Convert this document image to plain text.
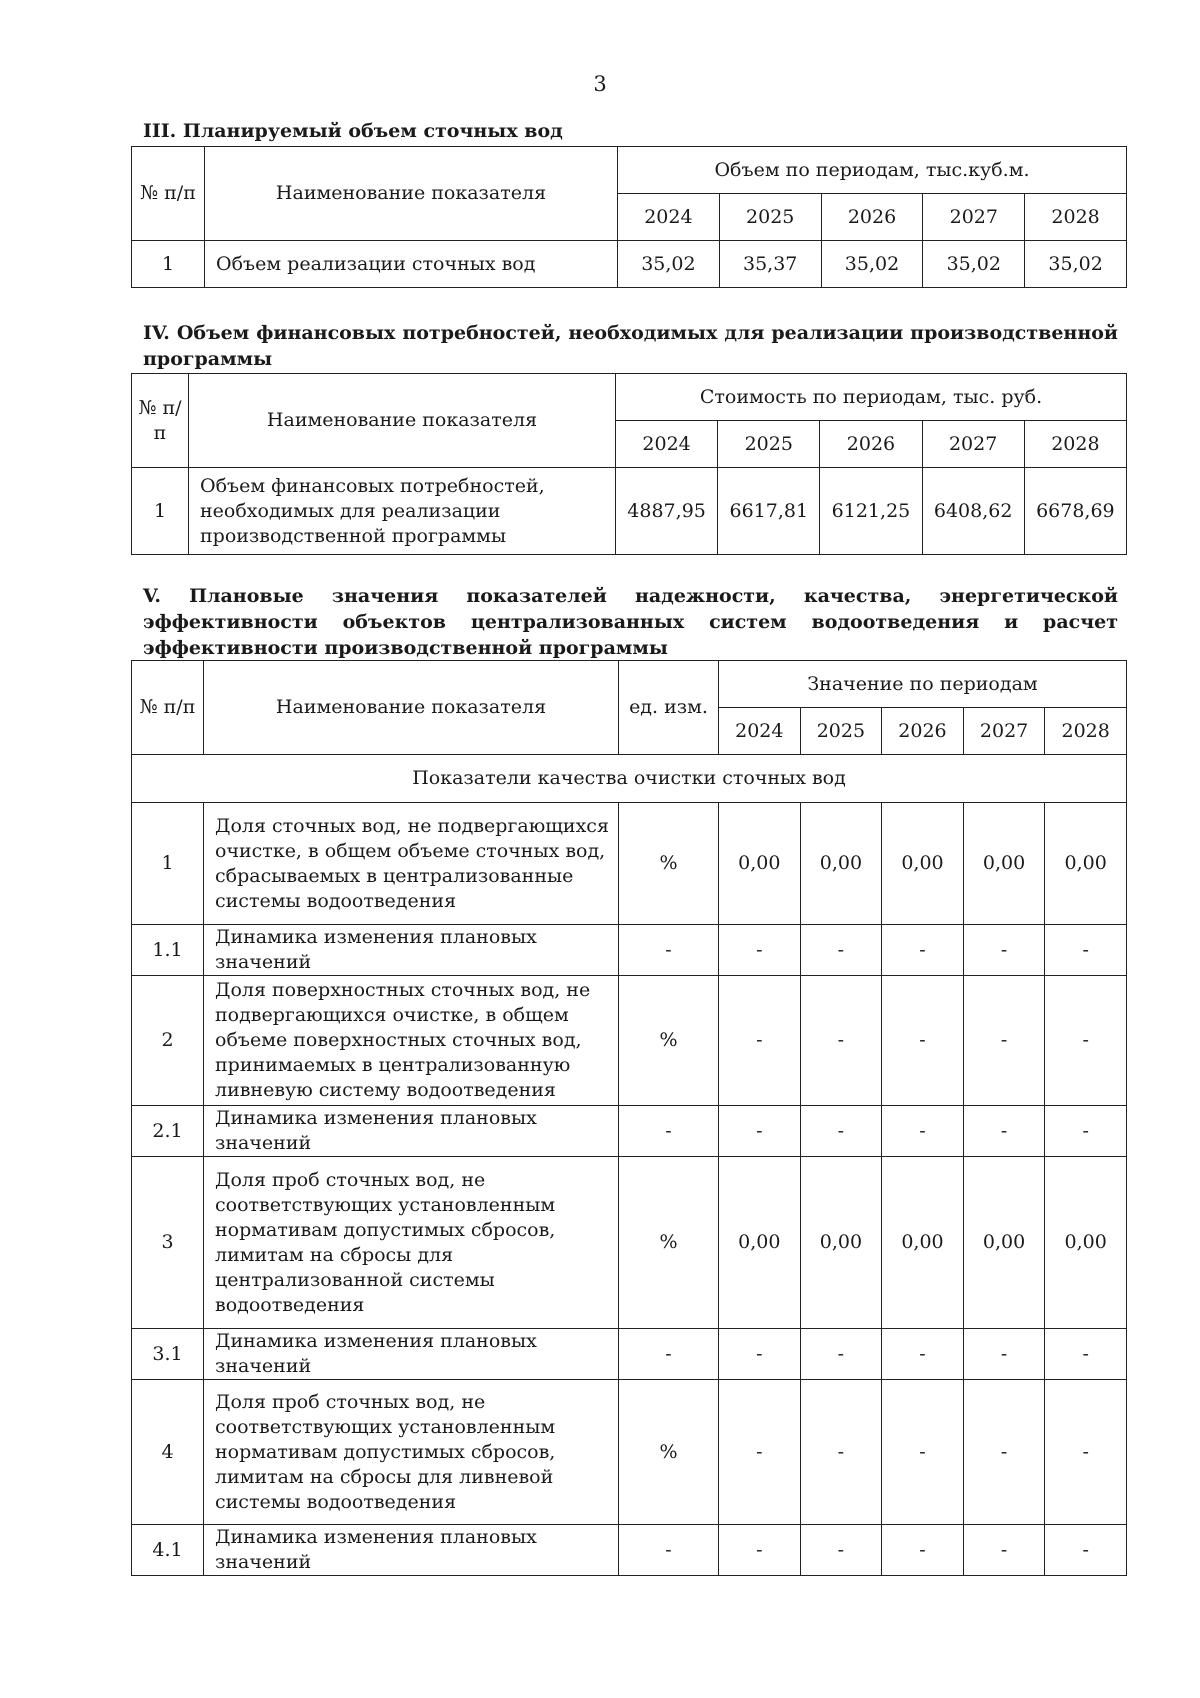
3
III. Планируемый объем сточных вод
№ п/п	Наименование показателя	Объем по периодам, тыс.куб.м.				
		2024	2025	2026	2027	2028
1	Объем реализации сточных вод	35,02	35,37	35,02	35,02	35,02
IV. Объем финансовых потребностей, необходимых для реализации производственной программы
№ п/п	Наименование показателя	Стоимость по периодам, тыс. руб.				
		2024	2025	2026	2027	2028
1	Объем финансовых потребностей, необходимых для реализации производственной программы	4887,95	6617,81	6121,25	6408,62	6678,69
V. Плановые значения показателей надежности, качества, энергетической эффективности объектов централизованных систем водоотведения и расчет эффективности производственной программы
№ п/п	Наименование показателя	ед. изм.	Значение по периодам				
			2024	2025	2026	2027	2028
Показатели качества очистки сточных вод							
1	Доля сточных вод, не подвергающихся очистке, в общем объеме сточных вод, сбрасываемых в централизованные системы водоотведения	%	0,00	0,00	0,00	0,00	0,00
1.1	Динамика изменения плановых значений	-	-	-	-	-	-
2	Доля поверхностных сточных вод, не подвергающихся очистке, в общем объеме поверхностных сточных вод, принимаемых в централизованную ливневую систему водоотведения	%	-	-	-	-	-
2.1	Динамика изменения плановых значений	-	-	-	-	-	-
3	Доля проб сточных вод, не соответствующих установленным нормативам допустимых сбросов, лимитам на сбросы для централизованной системы водоотведения	%	0,00	0,00	0,00	0,00	0,00
3.1	Динамика изменения плановых значений	-	-	-	-	-	-
4	Доля проб сточных вод, не соответствующих установленным нормативам допустимых сбросов, лимитам на сбросы для ливневой системы водоотведения	%	-	-	-	-	-
4.1	Динамика изменения плановых значений	-	-	-	-	-	-
